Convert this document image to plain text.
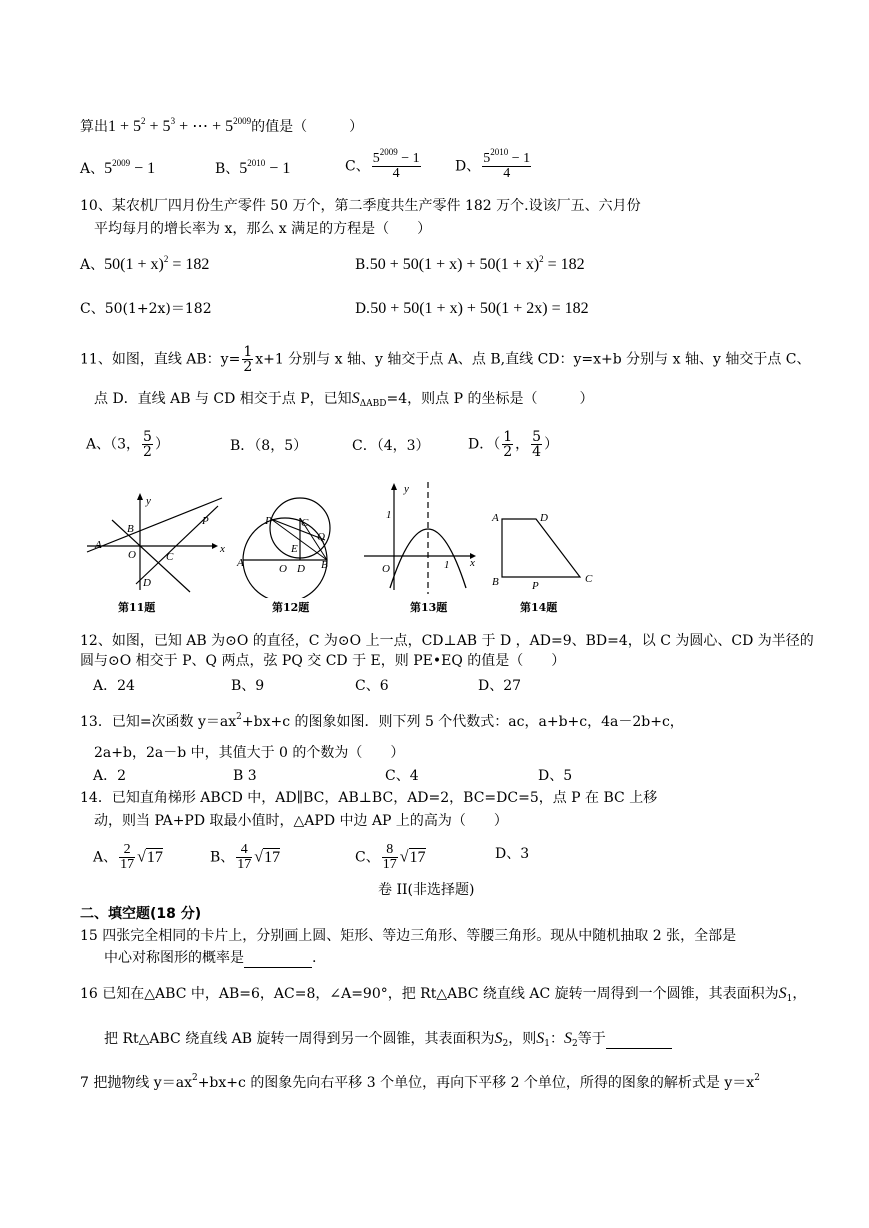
算出$1 + 5^2 + 5^3$ + ⋯ + $5^{2009}$的值是（　　　）
A、$5^{2009} - 1$	B、$5^{2010} - 1$	C、 $\frac{5^{2009} - 1}{4}$ D、 $\frac{5^{2010} - 1}{4}$
10、某农机厂四月份生产零件 50 万个，第二季度共生产零件 182 万个.设该厂五、六月份
平均每月的增长率为 x，那么 x 满足的方程是（　　）
A、$50(1 + x)^2 = 182$	$B.50 + 50(1 + x) + 50(1 + x)^2 = 182$
C、50(1+2x)＝182	D.50 + 50(1 + x) + 50(1 + 2x) = 182
11、如图，直线 AB：$y= \frac{1}{2} x+1$ 分别与 x 轴、y 轴交于点 A、点 B,直线 CD：y=x+b 分别与 x 轴、y 轴交于点 C、
点 D．直线 AB 与 CD 相交于点 P，已知$S_{\Delta ABD}=4$，则点 P 的坐标是（　　　）
A、（3， $\frac{5}{2}$ ）	B．（8，5）	C．（4，3）	D．（ $\frac{1}{2}$ ， $\frac{5}{4}$ ）
y
x
P
B
A
O	C
D
第11题
P	C
Q
E
A	O D B
第12题
y
x
1
1
O
第13题
A	D
B	P
C
第14题
12、如图，已知 AB 为⊙O 的直径，C 为⊙O 上一点，CD⊥AB 于 D ，AD=9、BD=4，以 C 为圆心、CD 为半径的
圆与⊙O 相交于 P、Q 两点，弦 PQ 交 CD 于 E，则 PE•EQ 的值是（　　）
A．24	B、9	C、6	D、27
13．已知=次函数 $y=ax^2+bx+c$ 的图象如图．则下列 5 个代数式：ac，a+b+c，4a－2b+c，
2a+b，2a－b 中，其值大于 0 的个数为（　　）
A．2	B 3	C、4	D、5
14．已知直角梯形 ABCD 中，AD∥BC，AB⊥BC，AD=2，BC=DC=5，点 P 在 BC 上移
动，则当 PA+PD 取最小值时，△APD 中边 AP 上的高为（　　）
A、 $\frac{2}{17} √17$	B、 $\frac{4}{17} √17$	C、 $\frac{8}{17} √17$	D、3
卷 II(非选择题)
二、填空题(18 分)
15 四张完全相同的卡片上，分别画上圆、矩形、等边三角形、等腰三角形。现从中随机抽取 2 张，全部是
中心对称图形的概率是	.
16 已知在△ABC 中，AB=6，AC=8，∠A=90°，把 Rt△ABC 绕直线 AC 旋转一周得到一个圆锥，其表面积为$S_1$，
把 Rt△ABC 绕直线 AB 旋转一周得到另一个圆锥，其表面积为$S_2$，则$S_1$：$S_2$等于
7 把抛物线 $y=ax^2+bx+c$ 的图象先向右平移 3 个单位，再向下平移 2 个单位，所得的图象的解析式是 $y=x^2$
